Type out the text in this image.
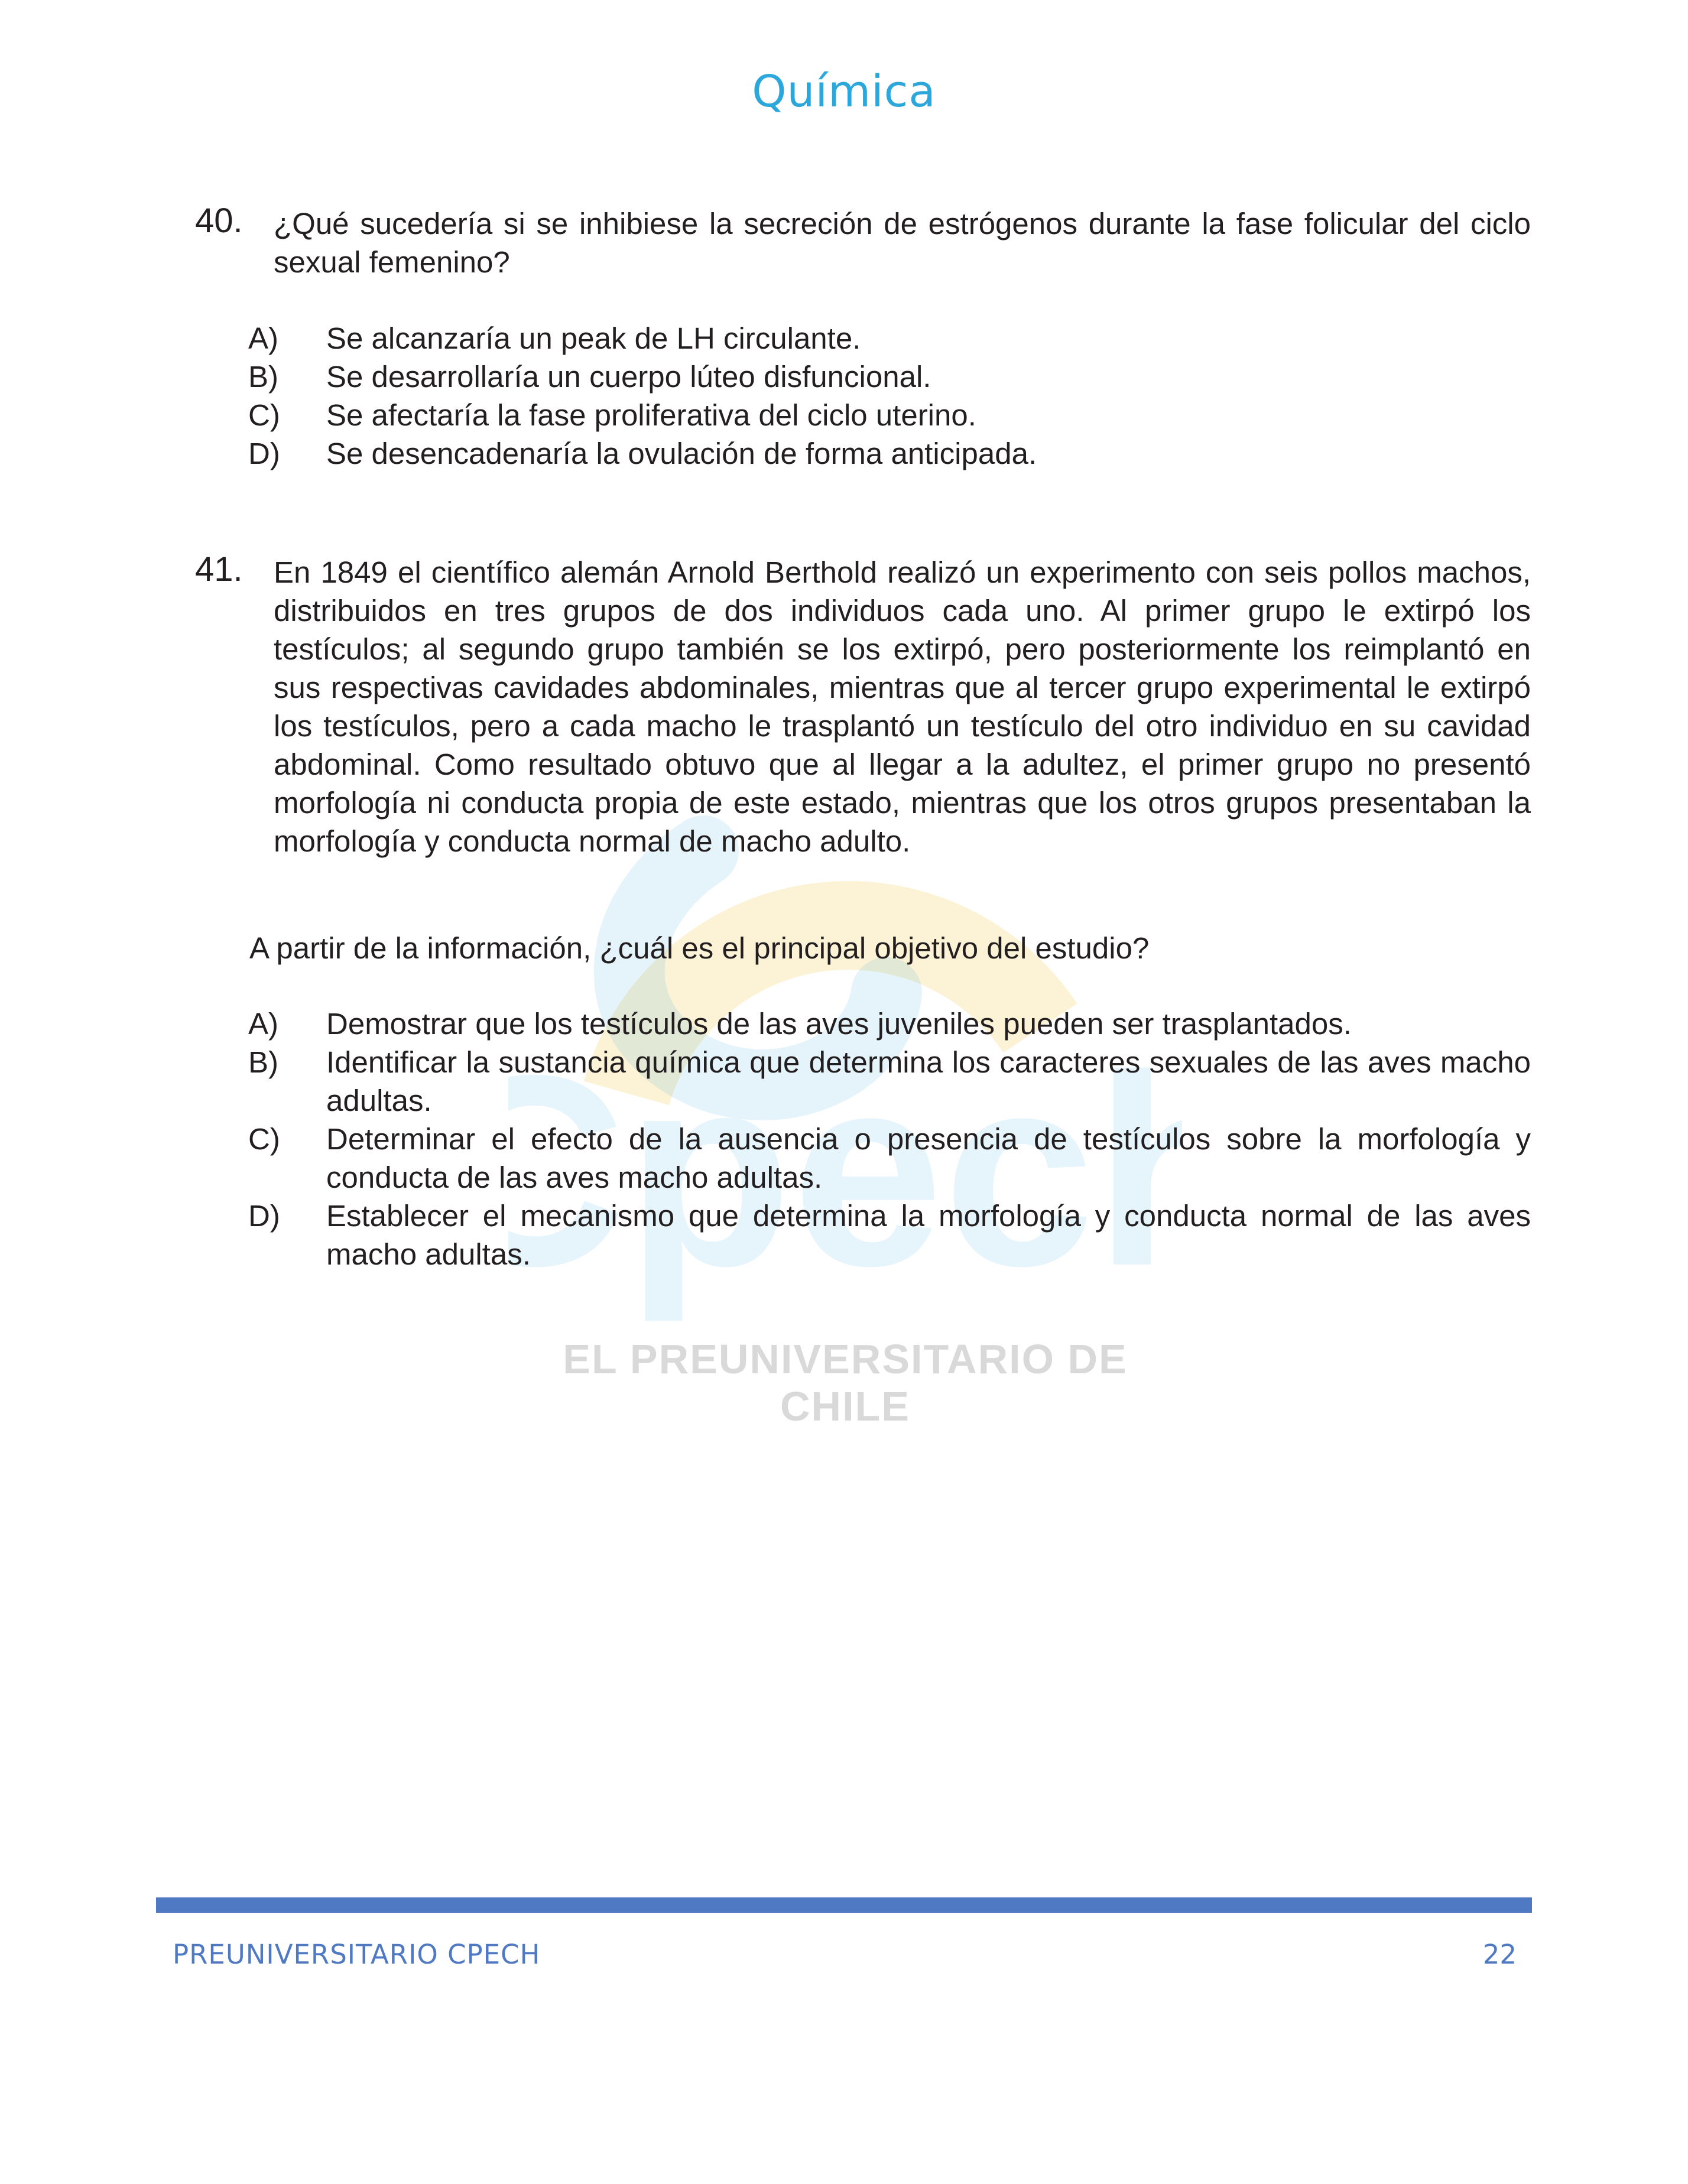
Química
Cpech
EL PREUNIVERSITARIO DE CHILE
40. ¿Qué sucedería si se inhibiese la secreción de estrógenos durante la fase folicular del ciclo sexual femenino?
A) Se alcanzaría un peak de LH circulante.
B) Se desarrollaría un cuerpo lúteo disfuncional.
C) Se afectaría la fase proliferativa del ciclo uterino.
D) Se desencadenaría la ovulación de forma anticipada.
41. En 1849 el científico alemán Arnold Berthold realizó un experimento con seis pollos machos, distribuidos en tres grupos de dos individuos cada uno. Al primer grupo le extirpó los testículos; al segundo grupo también se los extirpó, pero posteriormente los reimplantó en sus respectivas cavidades abdominales, mientras que al tercer grupo experimental le extirpó los testículos, pero a cada macho le trasplantó un testículo del otro individuo en su cavidad abdominal. Como resultado obtuvo que al llegar a la adultez, el primer grupo no presentó morfología ni conducta propia de este estado, mientras que los otros grupos presentaban la morfología y conducta normal de macho adulto.
A partir de la información, ¿cuál es el principal objetivo del estudio?
A) Demostrar que los testículos de las aves juveniles pueden ser trasplantados.
B) Identificar la sustancia química que determina los caracteres sexuales de las aves macho adultas.
C) Determinar el efecto de la ausencia o presencia de testículos sobre la morfología y conducta de las aves macho adultas.
D) Establecer el mecanismo que determina la morfología y conducta normal de las aves macho adultas.
PREUNIVERSITARIO CPECH	22
